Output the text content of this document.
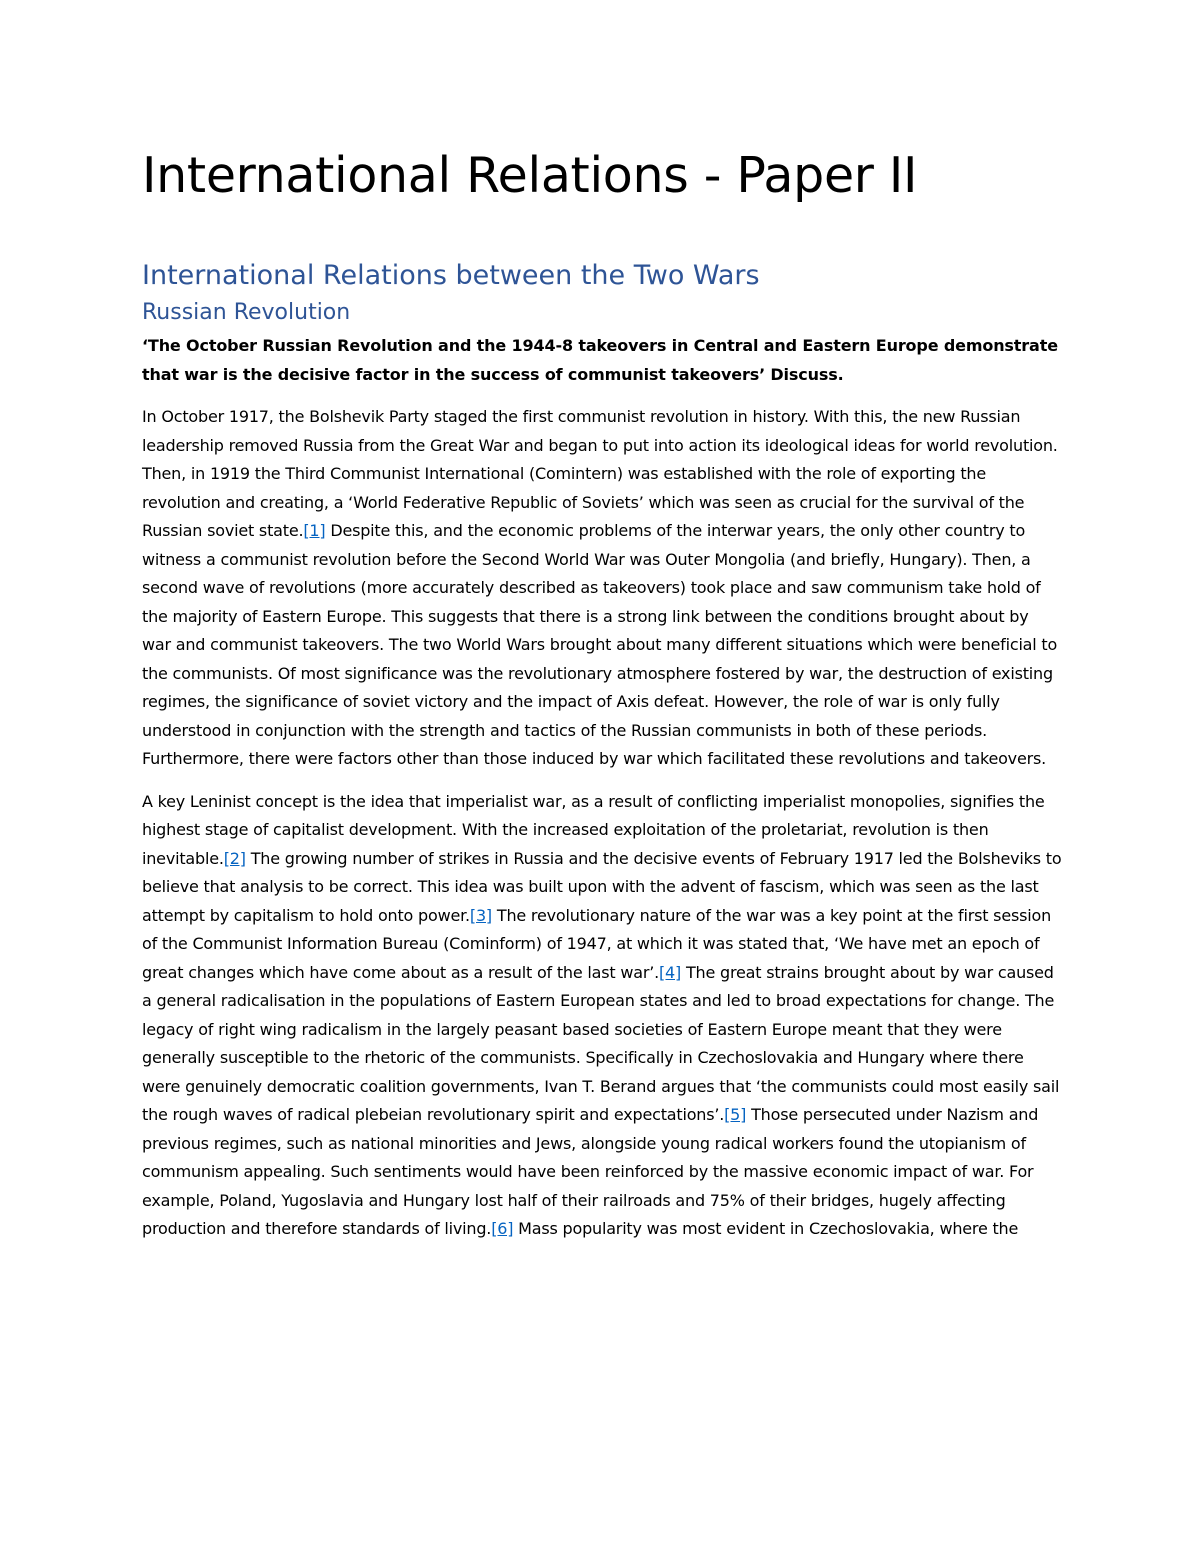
International Relations - Paper II
International Relations between the Two Wars
Russian Revolution

‘The October Russian Revolution and the 1944-8 takeovers in Central and Eastern Europe demonstrate that war is the decisive factor in the success of communist takeovers’ Discuss.

In October 1917, the Bolshevik Party staged the first communist revolution in history. With this, the new Russian leadership removed Russia from the Great War and began to put into action its ideological ideas for world revolution. Then, in 1919 the Third Communist International (Comintern) was established with the role of exporting the revolution and creating, a ‘World Federative Republic of Soviets’ which was seen as crucial for the survival of the Russian soviet state.[1] Despite this, and the economic problems of the interwar years, the only other country to witness a communist revolution before the Second World War was Outer Mongolia (and briefly, Hungary). Then, a second wave of revolutions (more accurately described as takeovers) took place and saw communism take hold of the majority of Eastern Europe. This suggests that there is a strong link between the conditions brought about by war and communist takeovers. The two World Wars brought about many different situations which were beneficial to the communists. Of most significance was the revolutionary atmosphere fostered by war, the destruction of existing regimes, the significance of soviet victory and the impact of Axis defeat. However, the role of war is only fully understood in conjunction with the strength and tactics of the Russian communists in both of these periods. Furthermore, there were factors other than those induced by war which facilitated these revolutions and takeovers.

A key Leninist concept is the idea that imperialist war, as a result of conflicting imperialist monopolies, signifies the highest stage of capitalist development. With the increased exploitation of the proletariat, revolution is then inevitable.[2] The growing number of strikes in Russia and the decisive events of February 1917 led the Bolsheviks to believe that analysis to be correct. This idea was built upon with the advent of fascism, which was seen as the last attempt by capitalism to hold onto power.[3] The revolutionary nature of the war was a key point at the first session of the Communist Information Bureau (Cominform) of 1947, at which it was stated that, ‘We have met an epoch of great changes which have come about as a result of the last war’.[4] The great strains brought about by war caused a general radicalisation in the populations of Eastern European states and led to broad expectations for change. The legacy of right wing radicalism in the largely peasant based societies of Eastern Europe meant that they were generally susceptible to the rhetoric of the communists. Specifically in Czechoslovakia and Hungary where there were genuinely democratic coalition governments, Ivan T. Berand argues that ‘the communists could most easily sail the rough waves of radical plebeian revolutionary spirit and expectations’.[5] Those persecuted under Nazism and previous regimes, such as national minorities and Jews, alongside young radical workers found the utopianism of communism appealing. Such sentiments would have been reinforced by the massive economic impact of war. For example, Poland, Yugoslavia and Hungary lost half of their railroads and 75% of their bridges, hugely affecting production and therefore standards of living.[6] Mass popularity was most evident in Czechoslovakia, where the
